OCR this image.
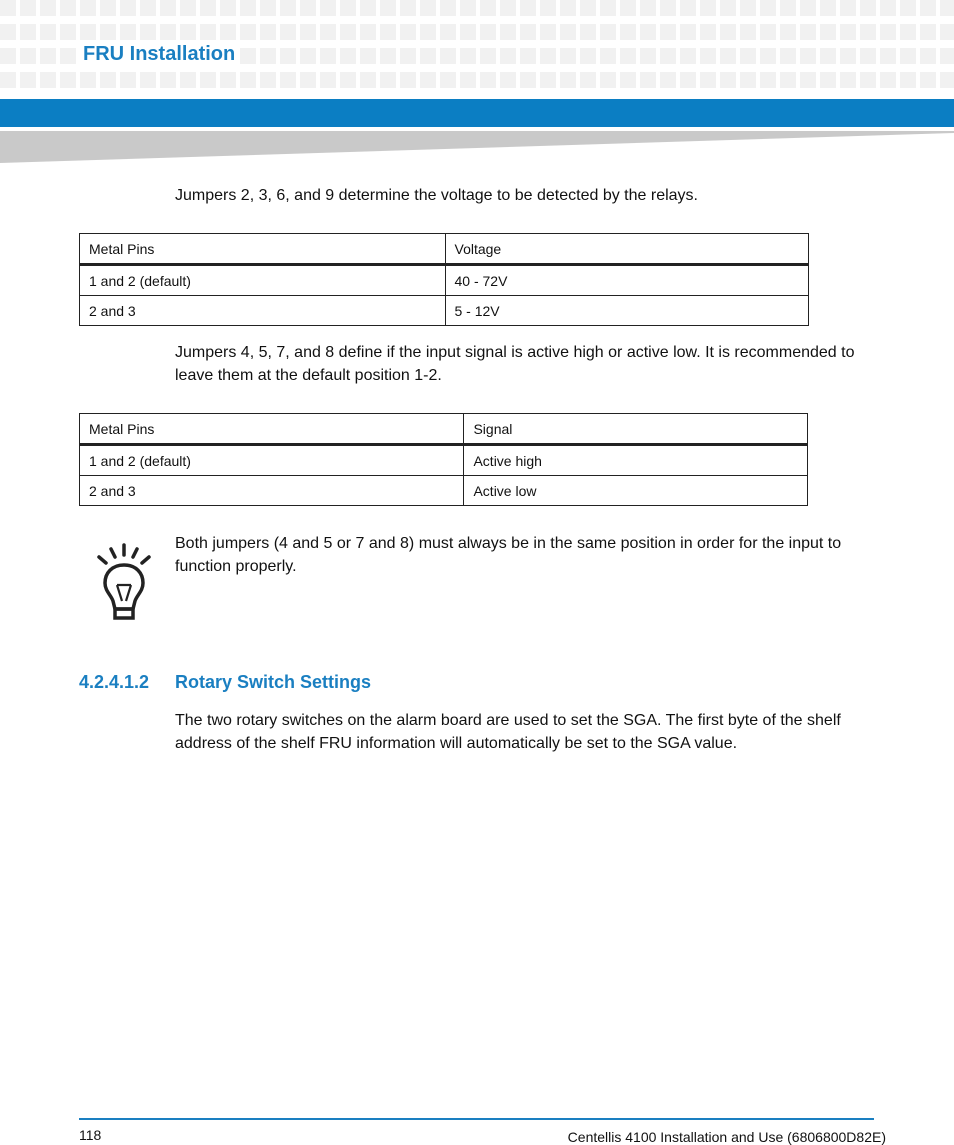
FRU Installation

Jumpers 2, 3, 6, and 9 determine the voltage to be detected by the relays.

Metal Pins	Voltage
1 and 2 (default)	40 - 72V
2 and 3	5 - 12V

Jumpers 4, 5, 7, and 8 define if the input signal is active high or active low. It is recommended to leave them at the default position 1-2.

Metal Pins	Signal
1 and 2 (default)	Active high
2 and 3	Active low

Both jumpers (4 and 5 or 7 and 8) must always be in the same position in order for the input to function properly.

4.2.4.1.2 Rotary Switch Settings

The two rotary switches on the alarm board are used to set the SGA. The first byte of the shelf address of the shelf FRU information will automatically be set to the SGA value.

118	Centellis 4100 Installation and Use (6806800D82E)
